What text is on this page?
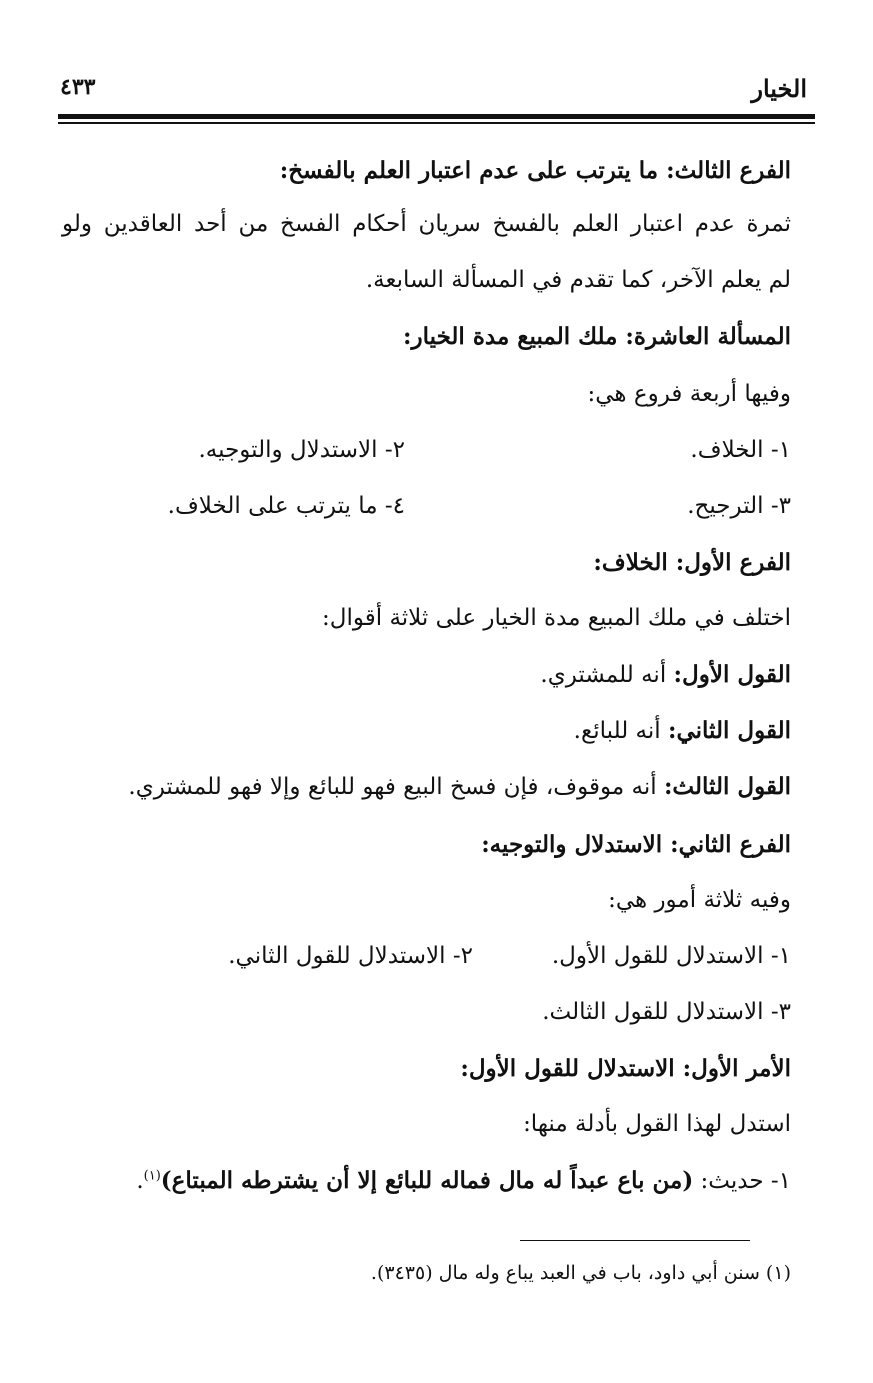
الخيار
٤٣٣
الفرع الثالث: ما يترتب على عدم اعتبار العلم بالفسخ:
ثمرة عدم اعتبار العلم بالفسخ سريان أحكام الفسخ من أحد العاقدين ولو
لم يعلم الآخر، كما تقدم في المسألة السابعة.
المسألة العاشرة: ملك المبيع مدة الخيار:
وفيها أربعة فروع هي:
١- الخلاف.
٢- الاستدلال والتوجيه.
٣- الترجيح.
٤- ما يترتب على الخلاف.
الفرع الأول: الخلاف:
اختلف في ملك المبيع مدة الخيار على ثلاثة أقوال:
القول الأول: أنه للمشتري.
القول الثاني: أنه للبائع.
القول الثالث: أنه موقوف، فإن فسخ البيع فهو للبائع وإلا فهو للمشتري.
الفرع الثاني: الاستدلال والتوجيه:
وفيه ثلاثة أمور هي:
١- الاستدلال للقول الأول.
٢- الاستدلال للقول الثاني.
٣- الاستدلال للقول الثالث.
الأمر الأول: الاستدلال للقول الأول:
استدل لهذا القول بأدلة منها:
١- حديث: (من باع عبداً له مال فماله للبائع إلا أن يشترطه المبتاع)$^{(١)}$.
(١) سنن أبي داود، باب في العبد يباع وله مال (٣٤٣٥).
